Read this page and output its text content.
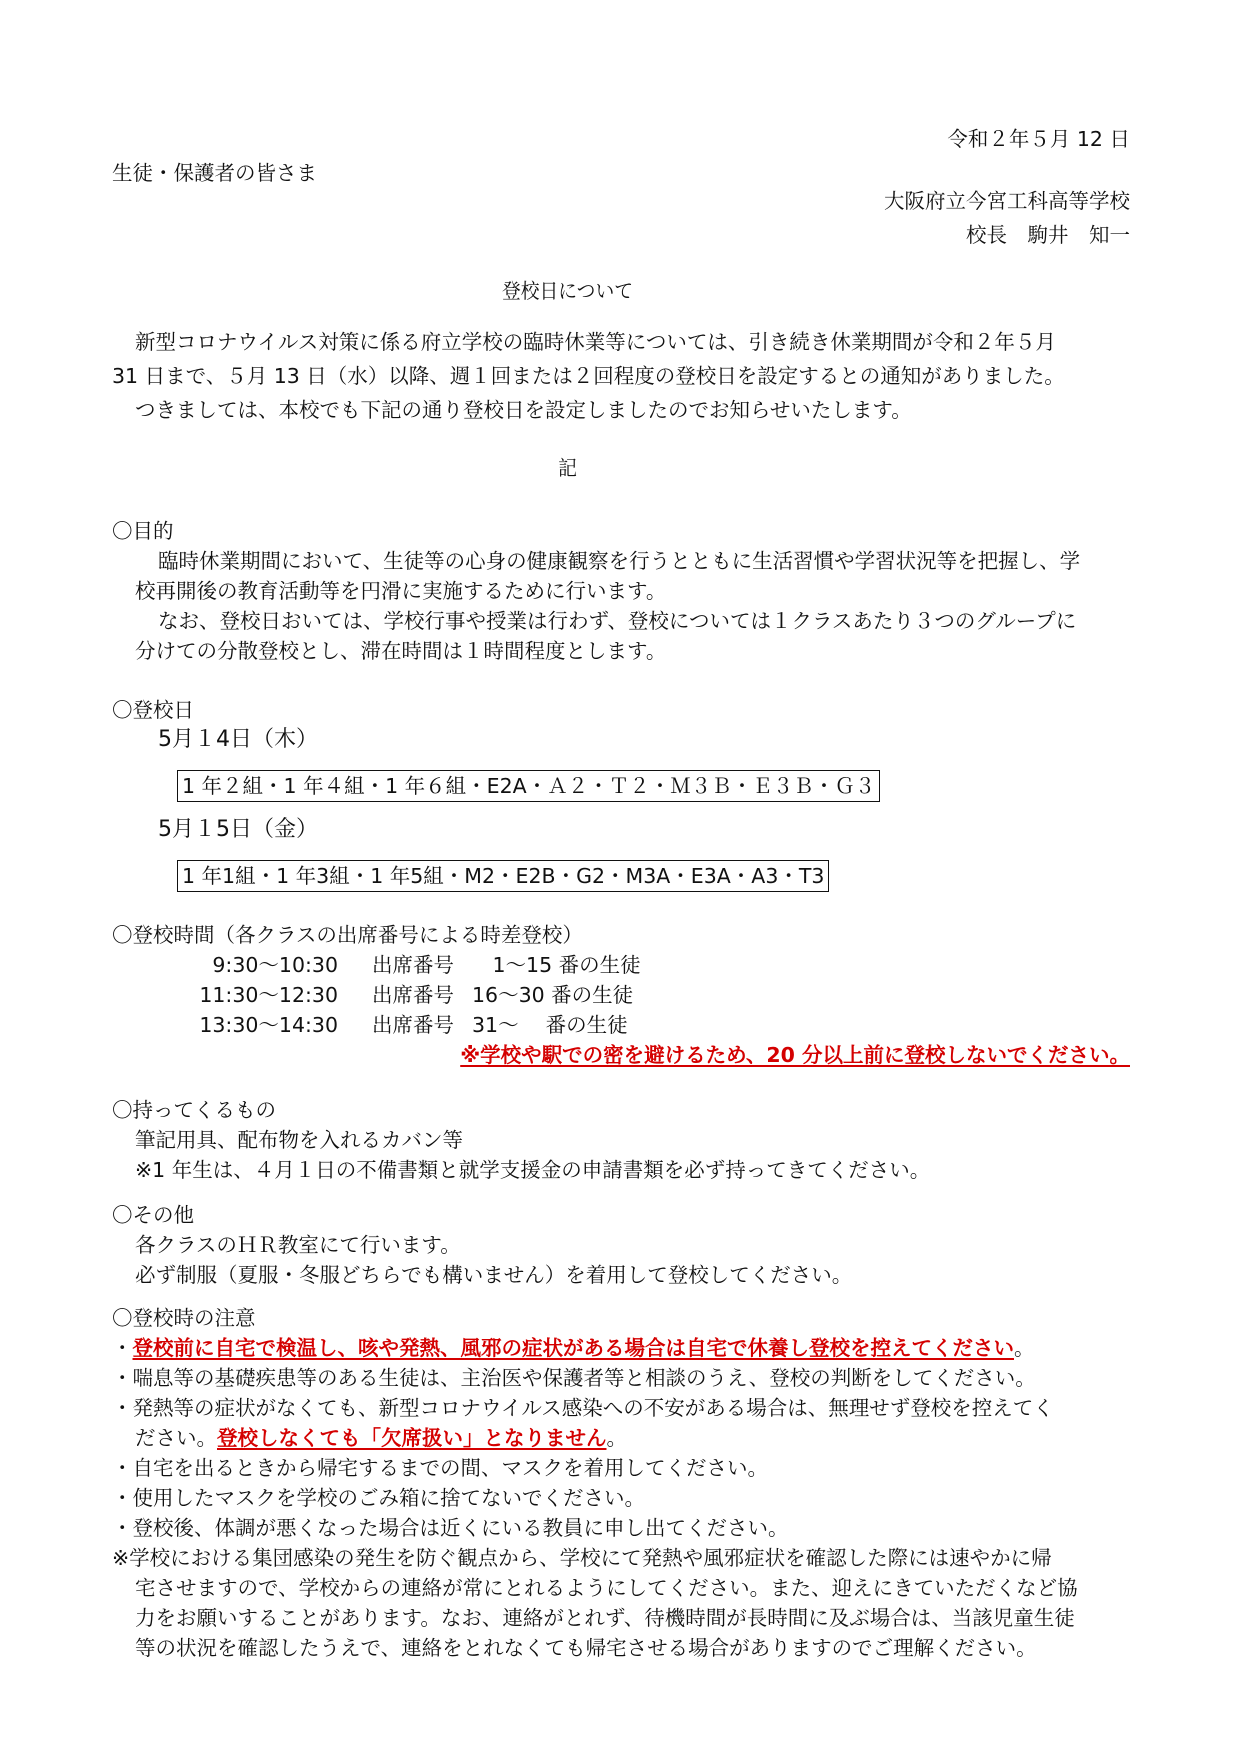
令和２年５月 12 日
生徒・保護者の皆さま
大阪府立今宮工科高等学校
校長　駒井　知一
登校日について
新型コロナウイルス対策に係る府立学校の臨時休業等については、引き続き休業期間が令和２年５月
31 日まで、５月 13 日（水）以降、週１回または２回程度の登校日を設定するとの通知がありました。
つきましては、本校でも下記の通り登校日を設定しましたのでお知らせいたします。
記
〇目的
臨時休業期間において、生徒等の心身の健康観察を行うとともに生活習慣や学習状況等を把握し、学
校再開後の教育活動等を円滑に実施するために行います。
なお、登校日おいては、学校行事や授業は行わず、登校については１クラスあたり３つのグループに
分けての分散登校とし、滞在時間は１時間程度とします。
〇登校日
5月１4日（木）
1 年２組・1 年４組・1 年６組・E2A・Ａ２・Ｔ２・Ｍ３Ｂ・Ｅ３Ｂ・Ｇ３
5月１5日（金）
1 年1組・1 年3組・1 年5組・M2・E2B・G2・M3A・E3A・A3・T3
〇登校時間（各クラスの出席番号による時差登校）
9:30～10:30 出席番号　1～15 番の生徒
11:30～12:30 出席番号 16～30 番の生徒
13:30～14:30 出席番号 31～　 番の生徒
※学校や駅での密を避けるため、20 分以上前に登校しないでください。
〇持ってくるもの
筆記用具、配布物を入れるカバン等
※1 年生は、４月１日の不備書類と就学支援金の申請書類を必ず持ってきてください。
〇その他
各クラスのＨＲ教室にて行います。
必ず制服（夏服・冬服どちらでも構いません）を着用して登校してください。
〇登校時の注意
・登校前に自宅で検温し、咳や発熱、風邪の症状がある場合は自宅で休養し登校を控えてください。
・喘息等の基礎疾患等のある生徒は、主治医や保護者等と相談のうえ、登校の判断をしてください。
・発熱等の症状がなくても、新型コロナウイルス感染への不安がある場合は、無理せず登校を控えてく
ださい。登校しなくても「欠席扱い」となりません。
・自宅を出るときから帰宅するまでの間、マスクを着用してください。
・使用したマスクを学校のごみ箱に捨てないでください。
・登校後、体調が悪くなった場合は近くにいる教員に申し出てください。
※学校における集団感染の発生を防ぐ観点から、学校にて発熱や風邪症状を確認した際には速やかに帰
宅させますので、学校からの連絡が常にとれるようにしてください。また、迎えにきていただくなど協
力をお願いすることがあります。なお、連絡がとれず、待機時間が長時間に及ぶ場合は、当該児童生徒
等の状況を確認したうえで、連絡をとれなくても帰宅させる場合がありますのでご理解ください。
